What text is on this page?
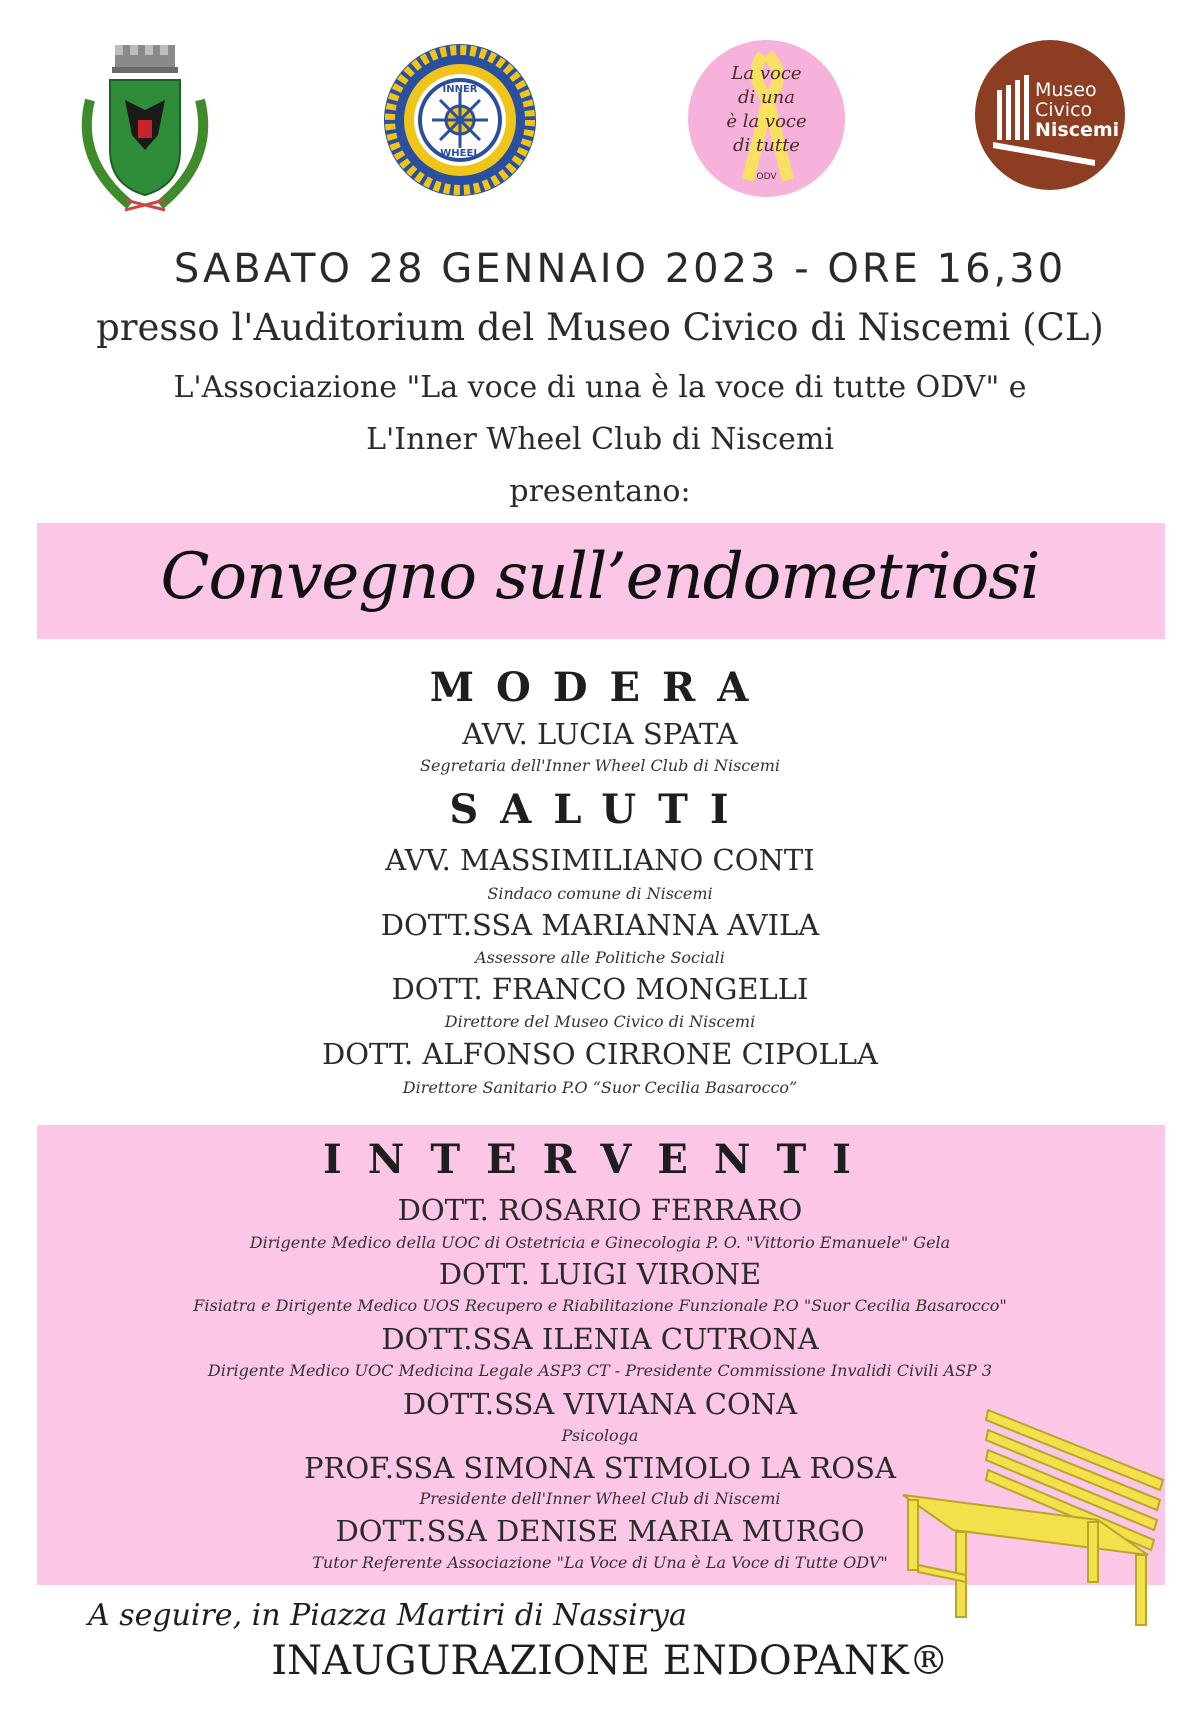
INNER
WHEEL
La voce
di una
è la voce
di tutte
ODV
Museo
Civico
Niscemi
SABATO 28 GENNAIO 2023 - ORE 16,30
presso l'Auditorium del Museo Civico di Niscemi (CL)
L'Associazione "La voce di una è la voce di tutte ODV" e
L'Inner Wheel Club di Niscemi
presentano:
Convegno sull’endometriosi
MODERA
AVV. LUCIA SPATA
Segretaria dell'Inner Wheel Club di Niscemi
SALUTI
AVV. MASSIMILIANO CONTI
Sindaco comune di Niscemi
DOTT.SSA MARIANNA AVILA
Assessore alle Politiche Sociali
DOTT. FRANCO MONGELLI
Direttore del Museo Civico di Niscemi
DOTT. ALFONSO CIRRONE CIPOLLA
Direttore Sanitario P.O “Suor Cecilia Basarocco”
INTERVENTI
DOTT. ROSARIO FERRARO
Dirigente Medico della UOC di Ostetricia e Ginecologia P. O. "Vittorio Emanuele" Gela
DOTT. LUIGI VIRONE
Fisiatra e Dirigente Medico UOS Recupero e Riabilitazione Funzionale P.O "Suor Cecilia Basarocco"
DOTT.SSA ILENIA CUTRONA
Dirigente Medico UOC Medicina Legale ASP3 CT - Presidente Commissione Invalidi Civili ASP 3
DOTT.SSA VIVIANA CONA
Psicologa
PROF.SSA SIMONA STIMOLO LA ROSA
Presidente dell'Inner Wheel Club di Niscemi
DOTT.SSA DENISE MARIA MURGO
Tutor Referente Associazione "La Voce di Una è La Voce di Tutte ODV"
A seguire, in Piazza Martiri di Nassirya
INAUGURAZIONE ENDOPANK®
